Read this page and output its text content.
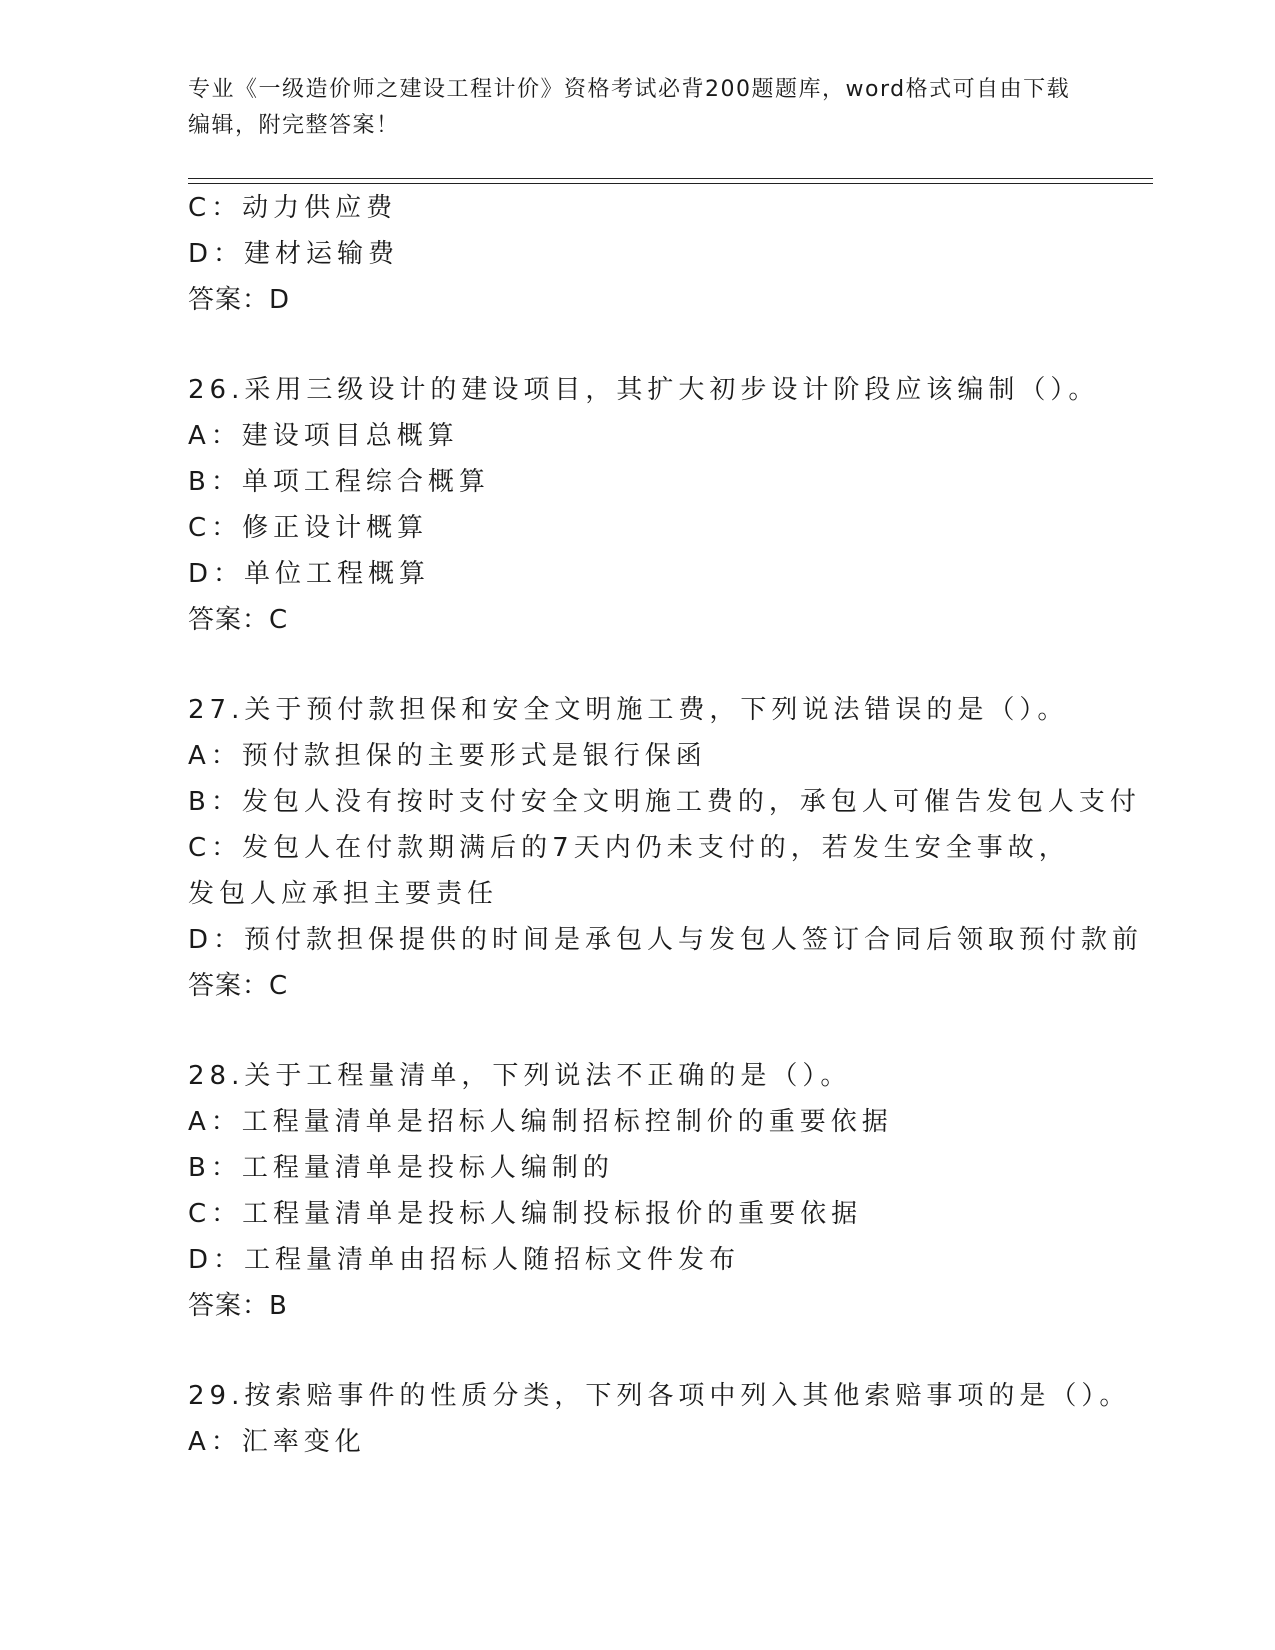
专业《一级造价师之建设工程计价》资格考试必背200题题库，word格式可自由下载编辑，附完整答案！
C：动力供应费
D：建材运输费
答案：D
26.采用三级设计的建设项目，其扩大初步设计阶段应该编制（）。
A：建设项目总概算
B：单项工程综合概算
C：修正设计概算
D：单位工程概算
答案：C
27.关于预付款担保和安全文明施工费，下列说法错误的是（）。
A：预付款担保的主要形式是银行保函
B：发包人没有按时支付安全文明施工费的，承包人可催告发包人支付
C：发包人在付款期满后的7天内仍未支付的，若发生安全事故，发包人应承担主要责任
D：预付款担保提供的时间是承包人与发包人签订合同后领取预付款前
答案：C
28.关于工程量清单，下列说法不正确的是（）。
A：工程量清单是招标人编制招标控制价的重要依据
B：工程量清单是投标人编制的
C：工程量清单是投标人编制投标报价的重要依据
D：工程量清单由招标人随招标文件发布
答案：B
29.按索赔事件的性质分类，下列各项中列入其他索赔事项的是（）。
A：汇率变化
